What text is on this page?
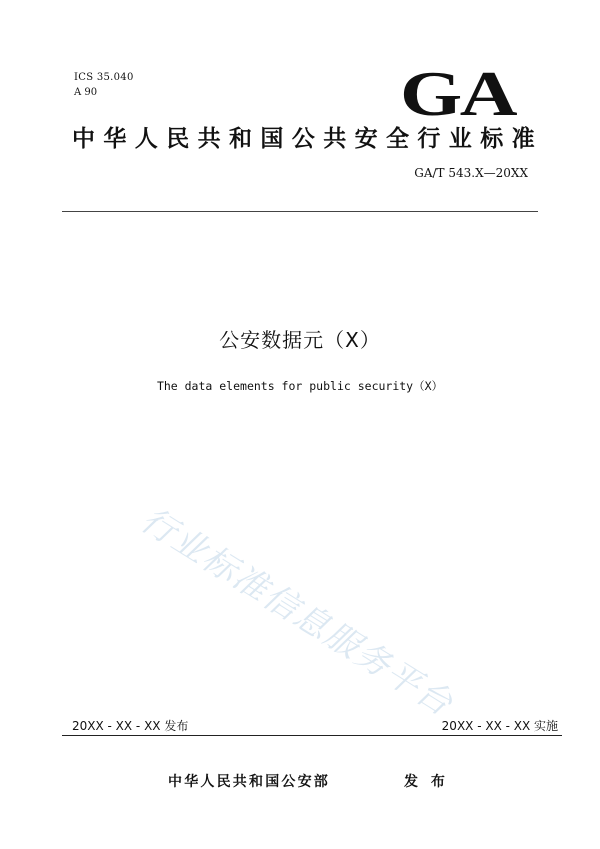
ICS 35.040
A 90	GA
中华人民共和国公共安全行业标准
GA/T 543.X—20XX
公安数据元（X）
The data elements for public security（X）
行业标准信息服务平台
20XX - XX - XX 发布	20XX - XX - XX 实施
中华人民共和国公安部	发 布
